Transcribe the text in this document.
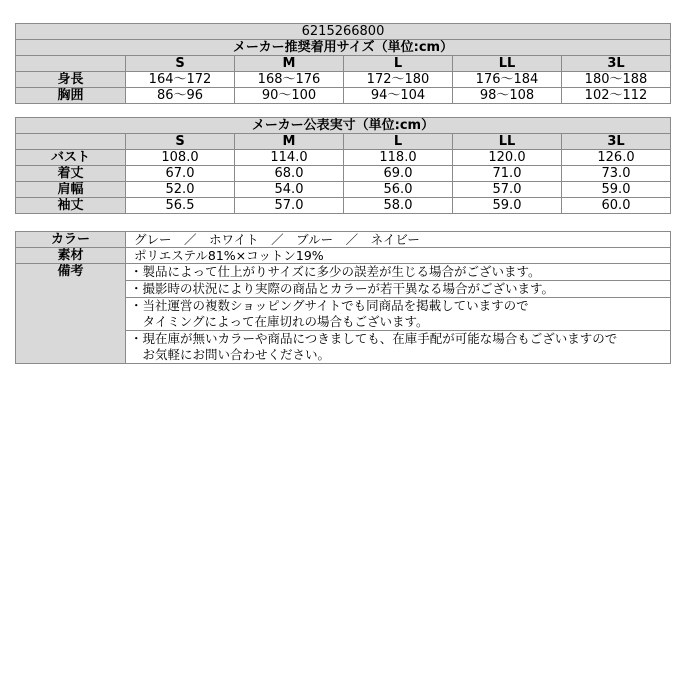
6215266800					
メーカー推奨着用サイズ（単位:cm）					
	S	M	L	LL	3L
身長	164～172	168～176	172～180	176～184	180～188
胸囲	86～96	90～100	94～104	98～108	102～112
メーカー公表実寸（単位:cm）					
	S	M	L	LL	3L
バスト	108.0	114.0	118.0	120.0	126.0
着丈	67.0	68.0	69.0	71.0	73.0
肩幅	52.0	54.0	56.0	57.0	59.0
袖丈	56.5	57.0	58.0	59.0	60.0
カラー	グレー　／　ホワイト　／　ブルー　／　ネイビー
素材	ポリエステル81%×コットン19%
備考	・製品によって仕上がりサイズに多少の誤差が生じる場合がございます。
	・撮影時の状況により実際の商品とカラーが若干異なる場合がございます。

	・当社運営の複数ショッピングサイトでも同商品を掲載していますので
　タイミングによって在庫切れの場合もございます。

	・現在庫が無いカラーや商品につきましても、在庫手配が可能な場合もございますので
　お気軽にお問い合わせください。
